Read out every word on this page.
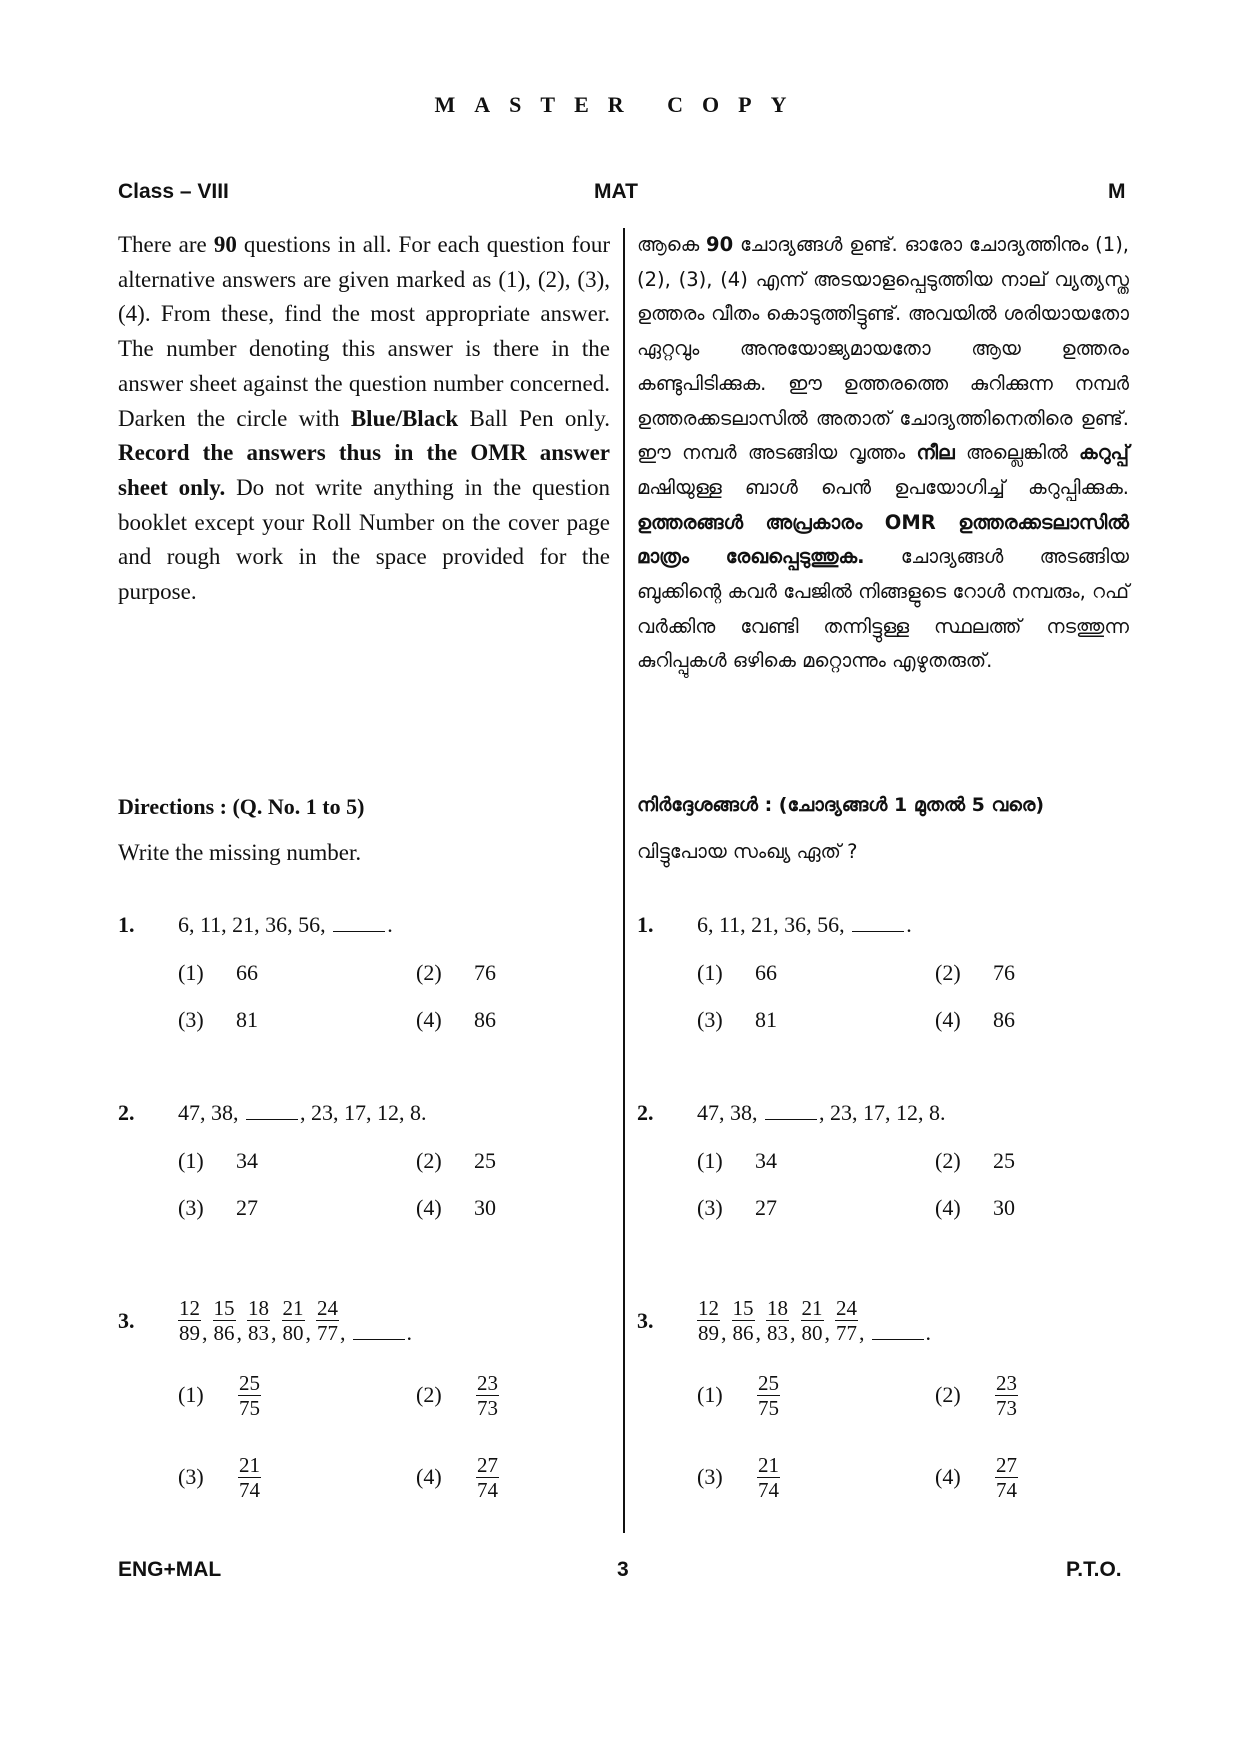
MASTER COPY
Class – VIII	MAT	M

There are 90 questions in all. For each question four alternative answers are given marked as (1), (2), (3), (4). From these, find the most appropriate answer. The number denoting this answer is there in the answer sheet against the question number concerned. Darken the circle with Blue/Black Ball Pen only. Record the answers thus in the OMR answer sheet only. Do not write anything in the question booklet except your Roll Number on the cover page and rough work in the space provided for the purpose.

ആകെ 90 ചോദ്യങ്ങൾ ഉണ്ട്. ഓരോ ചോദ്യത്തിനും (1), (2), (3), (4) എന്ന് അടയാളപ്പെടുത്തിയ നാല് വ്യത്യസ്ത ഉത്തരം വീതം കൊടുത്തിട്ടുണ്ട്. അവയിൽ ശരിയായതോ ഏറ്റവും അനുയോജ്യമായതോ ആയ ഉത്തരം കണ്ടുപിടിക്കുക. ഈ ഉത്തരത്തെ കുറിക്കുന്ന നമ്പർ ഉത്തരക്കടലാസിൽ അതാത് ചോദ്യത്തിനെതിരെ ഉണ്ട്. ഈ നമ്പർ അടങ്ങിയ വൃത്തം നീല അല്ലെങ്കിൽ കറുപ്പ് മഷിയുള്ള ബാൾ പെൻ ഉപയോഗിച്ച് കറുപ്പിക്കുക. ഉത്തരങ്ങൾ അപ്രകാരം OMR ഉത്തരക്കടലാസിൽ മാത്രം രേഖപ്പെടുത്തുക. ചോദ്യങ്ങൾ അടങ്ങിയ ബുക്കിന്റെ കവർ പേജിൽ നിങ്ങളുടെ റോൾ നമ്പരും, റഫ് വർക്കിനു വേണ്ടി തന്നിട്ടുള്ള സ്ഥലത്ത് നടത്തുന്ന കുറിപ്പുകൾ ഒഴികെ മറ്റൊന്നും എഴുതരുത്.

Directions : (Q. No. 1 to 5)
Write the missing number.
നിർദ്ദേശങ്ങൾ : (ചോദ്യങ്ങൾ 1 മുതൽ 5 വരെ)
വിട്ടുപോയ സംഖ്യ ഏത് ?
1. 6, 11, 21, 36, 56,	.
(1) 66	(2) 76
(3) 81	(4) 86
1. 6, 11, 21, 36, 56,	.
(1) 66	(2) 76
(3) 81	(4) 86
2. 47, 38,	, 23, 17, 12, 8.
(1) 34	(2) 25
(3) 27	(4) 30
2. 47, 38,	, 23, 17, 12, 8.
(1) 34	(2) 25
(3) 27	(4) 30
3. $\frac{12}{89}$ , $\frac{15}{86}$ , $\frac{18}{83}$ , $\frac{21}{80}$ , $\frac{24}{77}$ ,	.
(1)	$\frac{25}{75}$	(2)	$\frac{23}{73}$
(3)	$\frac{21}{74}$	(4)	$\frac{27}{74}$
3. $\frac{12}{89}$ , $\frac{15}{86}$ , $\frac{18}{83}$ , $\frac{21}{80}$ , $\frac{24}{77}$ ,	.
(1)	$\frac{25}{75}$	(2)	$\frac{23}{73}$
(3)	$\frac{21}{74}$	(4)	$\frac{27}{74}$
ENG+MAL	3	P.T.O.
